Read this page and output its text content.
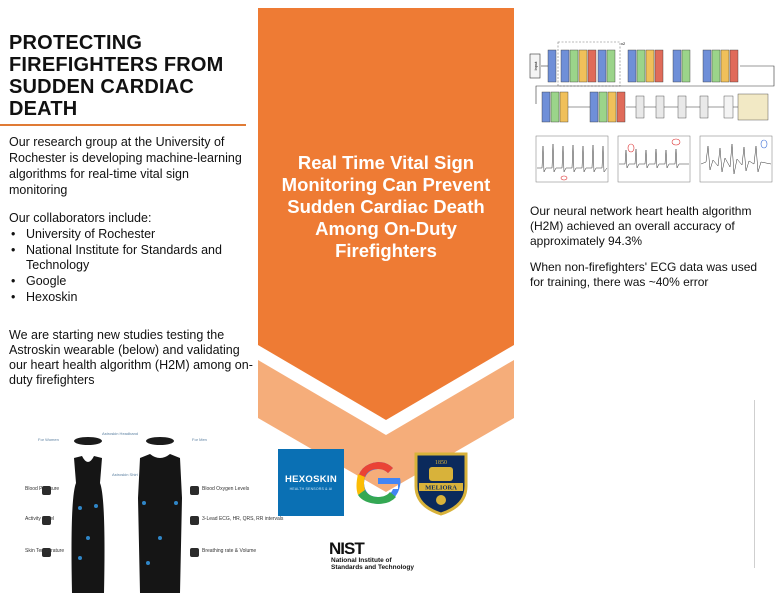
PROTECTING FIREFIGHTERS FROM SUDDEN CARDIAC DEATH

Our research group at the University of Rochester is developing machine-learning algorithms for real-time vital sign monitoring

Our collaborators include:

• University of Rochester
• National Institute for Standards and Technology
• Google
• Hexoskin

We are starting new studies testing the Astroskin wearable (below) and validating our heart health algorithm (H2M) among on-duty firefighters

For Women
Astroskin Headband
For Men
Astroskin Shirt
Blood Pressure
Activity Level
Skin Temperature
Blood Oxygen Levels
3-Lead ECG, HR, QRS, RR intervals
Breathing rate & Volume
Real Time Vital Sign Monitoring Can Prevent Sudden Cardiac Death Among On-Duty Firefighters
HEXOSKIN
HEALTH SENSORS & AI
1850
MELIORA
NIST
National Institute of
Standards and Technology
Input
x2

Our neural network heart health algorithm (H2M) achieved an overall accuracy of approximately 94.3%

When non-firefighters' ECG data was used for training, there was ~40% error
